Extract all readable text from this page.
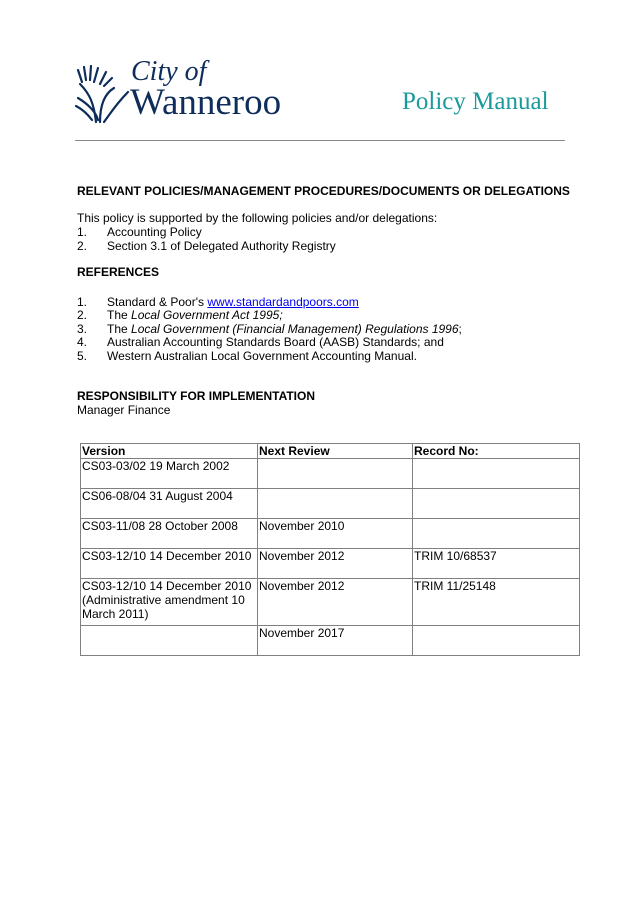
City of
Wanneroo	Policy Manual
RELEVANT POLICIES/MANAGEMENT PROCEDURES/DOCUMENTS OR DELEGATIONS
This policy is supported by the following policies and/or delegations:
1. Accounting Policy
2. Section 3.1 of Delegated Authority Registry
REFERENCES
1. Standard & Poor's www.standardandpoors.com
2. The Local Government Act 1995;
3. The Local Government (Financial Management) Regulations 1996;
4. Australian Accounting Standards Board (AASB) Standards; and
5. Western Australian Local Government Accounting Manual.
RESPONSIBILITY FOR IMPLEMENTATION
Manager Finance
Version	Next Review	Record No:
CS03-03/02 19 March 2002		
CS06-08/04 31 August 2004		
CS03-11/08 28 October 2008	November 2010	
CS03-12/10 14 December 2010	November 2012	TRIM 10/68537
CS03-12/10 14 December 2010 (Administrative amendment 10 March 2011)	November 2012	TRIM 11/25148
	November 2017	
